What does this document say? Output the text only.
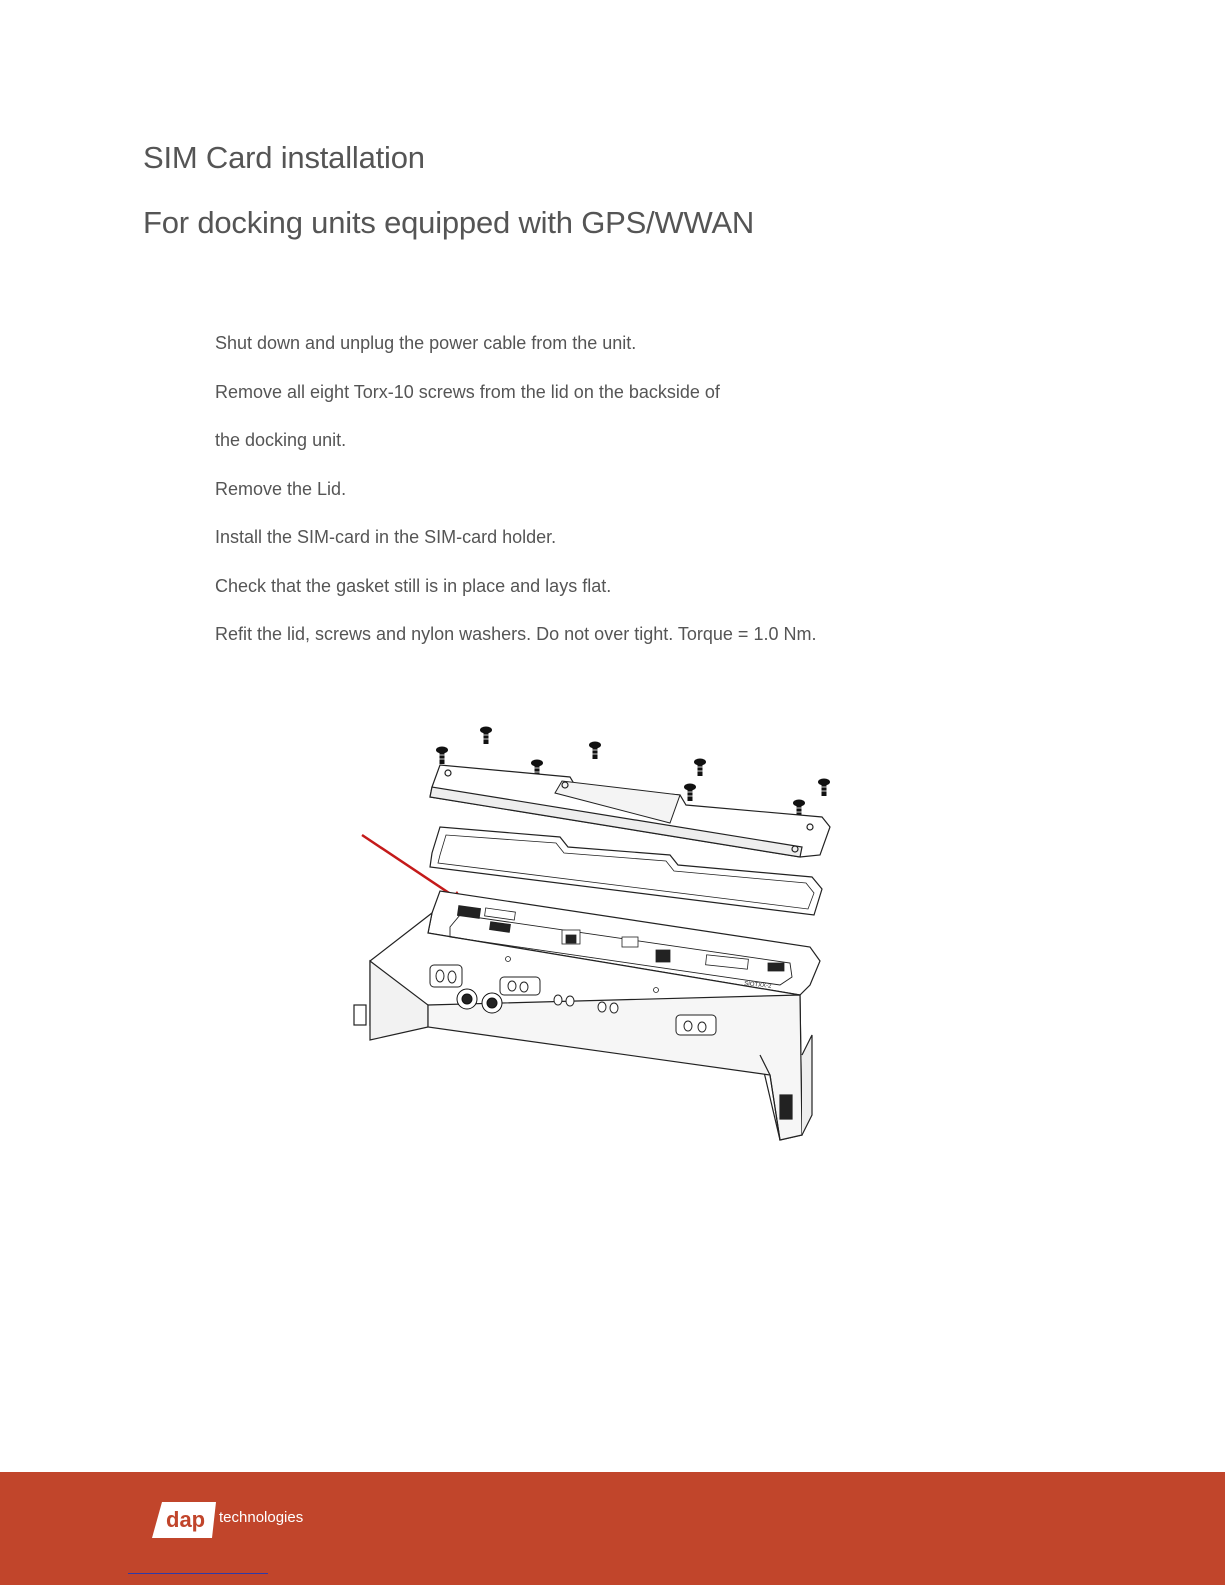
SIM Card installation
For docking units equipped with GPS/WWAN
Shut down and unplug the power cable from the unit.
Remove all eight Torx-10 screws from the lid on the backside of
the docking unit.
Remove the Lid.
Install the SIM-card in the SIM-card holder.
Check that the gasket still is in place and lays flat.
Refit the lid, screws and nylon washers. Do not over tight. Torque = 1.0 Nm.
SIOTXX-2
dap technologies
